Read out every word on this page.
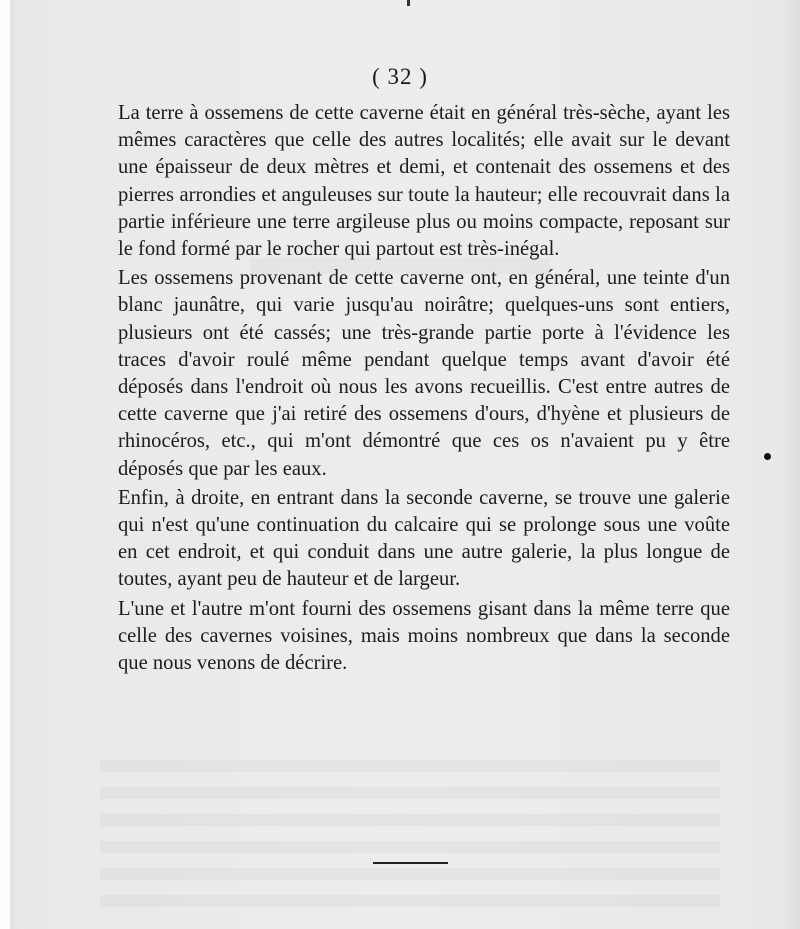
( 32 )

La terre à ossemens de cette caverne était en général très-sèche, ayant les mêmes caractères que celle des autres localités; elle avait sur le devant une épaisseur de deux mètres et demi, et contenait des ossemens et des pierres arrondies et anguleuses sur toute la hauteur; elle recouvrait dans la partie inférieure une terre argileuse plus ou moins compacte, reposant sur le fond formé par le rocher qui partout est très-inégal.

Les ossemens provenant de cette caverne ont, en général, une teinte d'un blanc jaunâtre, qui varie jusqu'au noirâtre; quelques-uns sont entiers, plusieurs ont été cassés; une très-grande partie porte à l'évidence les traces d'avoir roulé même pendant quelque temps avant d'avoir été déposés dans l'endroit où nous les avons recueillis. C'est entre autres de cette caverne que j'ai retiré des ossemens d'ours, d'hyène et plusieurs de rhinocéros, etc., qui m'ont démontré que ces os n'avaient pu y être déposés que par les eaux.

Enfin, à droite, en entrant dans la seconde caverne, se trouve une galerie qui n'est qu'une continuation du calcaire qui se prolonge sous une voûte en cet endroit, et qui conduit dans une autre galerie, la plus longue de toutes, ayant peu de hauteur et de largeur.

L'une et l'autre m'ont fourni des ossemens gisant dans la même terre que celle des cavernes voisines, mais moins nombreux que dans la seconde que nous venons de décrire.
